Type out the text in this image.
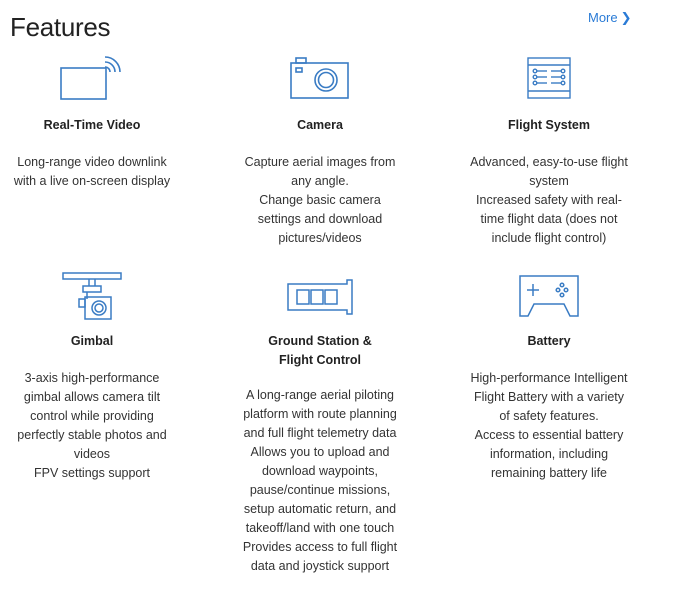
Features	More ❯
Real-Time Video
Long-range video downlink
with a live on-screen display
Camera
Capture aerial images from
any angle.
Change basic camera
settings and download
pictures/videos
Flight System
Advanced, easy-to-use flight
system
Increased safety with real-
time flight data (does not
include flight control)
Gimbal
3-axis high-performance
gimbal allows camera tilt
control while providing
perfectly stable photos and
videos
FPV settings support
Ground Station &
Flight Control
A long-range aerial piloting
platform with route planning
and full flight telemetry data
Allows you to upload and
download waypoints,
pause/continue missions,
setup automatic return, and
takeoff/land with one touch
Provides access to full flight
data and joystick support
Battery
High-performance Intelligent
Flight Battery with a variety
of safety features.
Access to essential battery
information, including
remaining battery life
